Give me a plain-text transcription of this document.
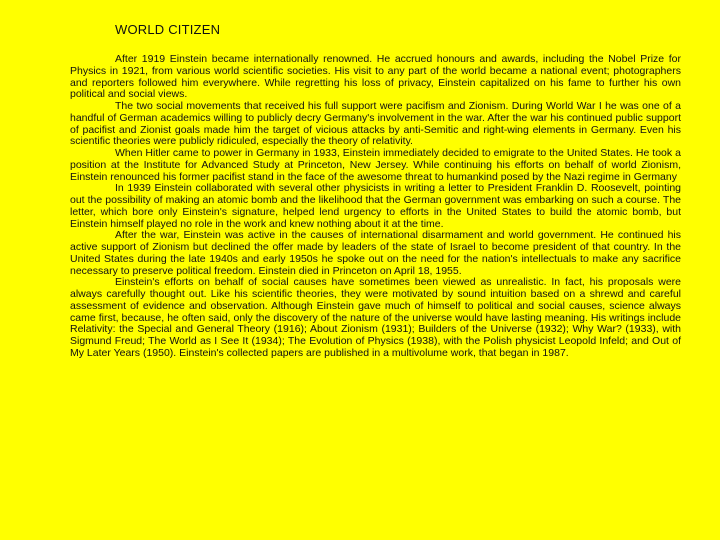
WORLD CITIZEN

After 1919 Einstein became internationally renowned. He accrued honours and awards, including the Nobel Prize for Physics in 1921, from various world scientific societies. His visit to any part of the world became a national event; photographers and reporters followed him everywhere. While regretting his loss of privacy, Einstein capitalized on his fame to further his own political and social views.

The two social movements that received his full support were pacifism and Zionism. During World War I he was one of a handful of German academics willing to publicly decry Germany's involvement in the war. After the war his continued public support of pacifist and Zionist goals made him the target of vicious attacks by anti-Semitic and right-wing elements in Germany. Even his scientific theories were publicly ridiculed, especially the theory of relativity.

When Hitler came to power in Germany in 1933, Einstein immediately decided to emigrate to the United States. He took a position at the Institute for Advanced Study at Princeton, New Jersey. While continuing his efforts on behalf of world Zionism, Einstein renounced his former pacifist stand in the face of the awesome threat to humankind posed by the Nazi regime in Germany

In 1939 Einstein collaborated with several other physicists in writing a letter to President Franklin D. Roosevelt, pointing out the possibility of making an atomic bomb and the likelihood that the German government was embarking on such a course. The letter, which bore only Einstein's signature, helped lend urgency to efforts in the United States to build the atomic bomb, but Einstein himself played no role in the work and knew nothing about it at the time.

After the war, Einstein was active in the causes of international disarmament and world government. He continued his active support of Zionism but declined the offer made by leaders of the state of Israel to become president of that country. In the United States during the late 1940s and early 1950s he spoke out on the need for the nation's intellectuals to make any sacrifice necessary to preserve political freedom. Einstein died in Princeton on April 18, 1955.

Einstein's efforts on behalf of social causes have sometimes been viewed as unrealistic. In fact, his proposals were always carefully thought out. Like his scientific theories, they were motivated by sound intuition based on a shrewd and careful assessment of evidence and observation. Although Einstein gave much of himself to political and social causes, science always came first, because, he often said, only the discovery of the nature of the universe would have lasting meaning. His writings include Relativity: the Special and General Theory (1916); About Zionism (1931); Builders of the Universe (1932); Why War? (1933), with Sigmund Freud; The World as I See It (1934); The Evolution of Physics (1938), with the Polish physicist Leopold Infeld; and Out of My Later Years (1950). Einstein's collected papers are published in a multivolume work, that began in 1987.
